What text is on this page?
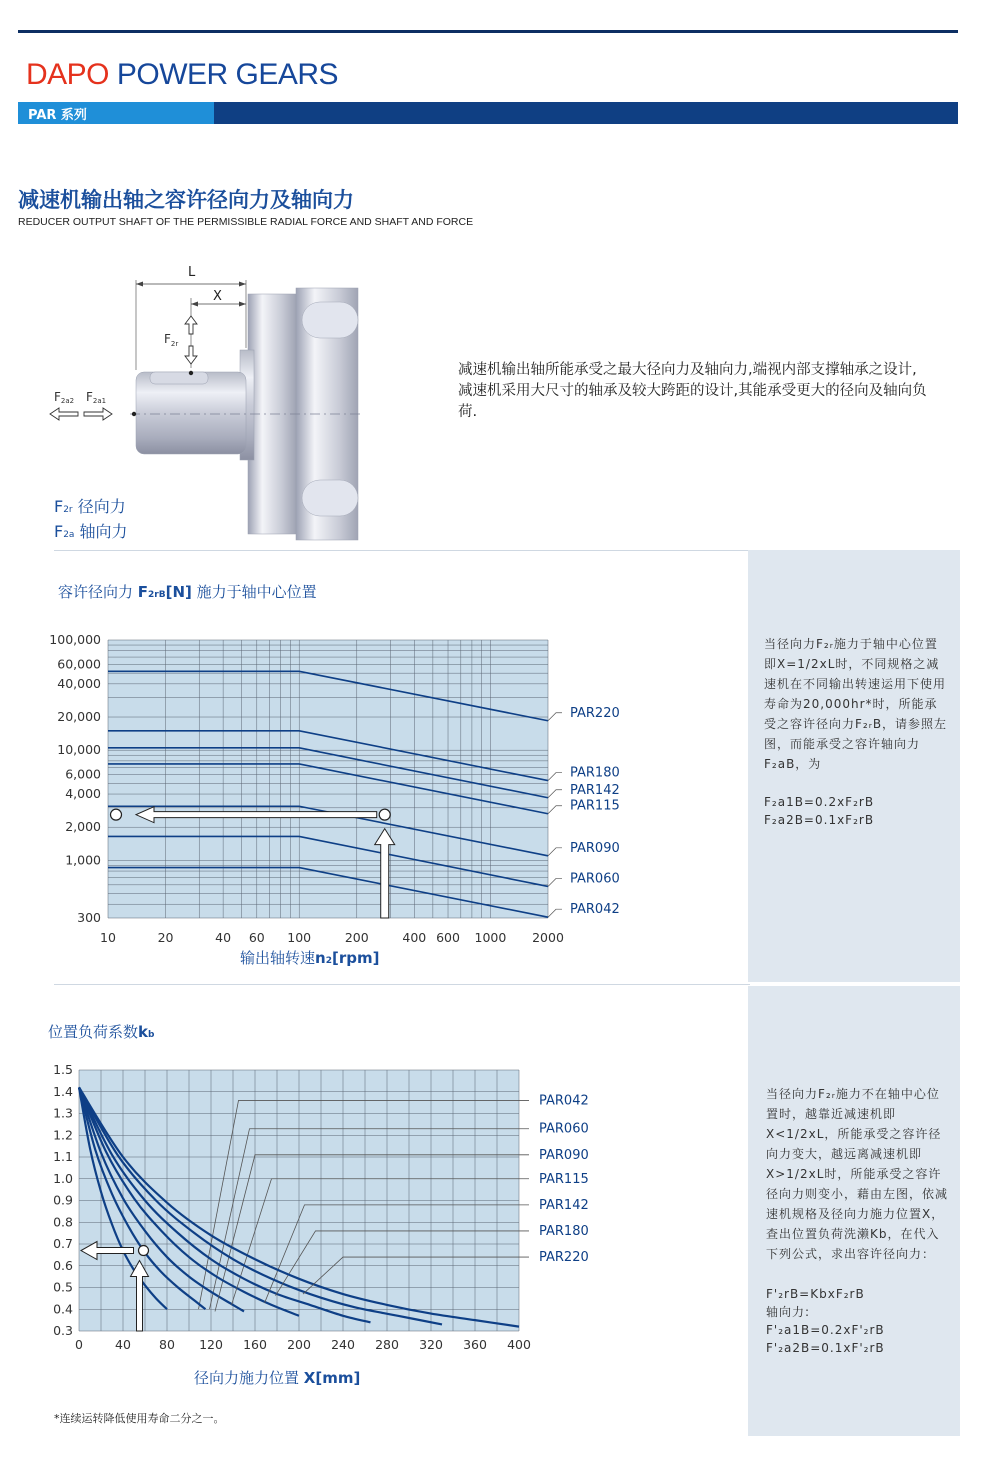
DAPO POWER GEARS
PAR 系列
减速机输出轴之容许径向力及轴向力
REDUCER OUTPUT SHAFT OF THE PERMISSIBLE RADIAL FORCE AND SHAFT AND FORCE
L
X
$F_{2r}$
F2a2 F2a1
F2r 径向力
F2a 轴向力
减速机输出轴所能承受之最大径向力及轴向力,端视内部支撑轴承之设计,减速机采用大尺寸的轴承及较大跨距的设计,其能承受更大的径向及轴向负荷.
当径向力F₂ᵣ施力于轴中心位置即X=1/2xL时，不同规格之减速机在不同输出转速运用下使用寿命为20,000hr*时，所能承受之容许径向力F₂ᵣB，请参照左图，而能承受之容许轴向力F₂aB，为
F₂a1B=0.2xF₂rB
F₂a2B=0.1xF₂rB
当径向力F₂ᵣ施力不在轴中心位置时，越靠近减速机即X<1/2xL，所能承受之容许径向力变大，越远离减速机即X>1/2xL时，所能承受之容许径向力则变小，藉由左图，依减速机规格及径向力施力位置X，查出位置负荷洗濑Kb，在代入下列公式，求出容许径向力：
F'₂rB=KbxF₂rB
轴向力:
F'₂a1B=0.2xF'₂rB
F'₂a2B=0.1xF'₂rB
容许径向力 F2rB[N] 施力于轴中心位置
100,000
60,000
40,000
20,000
10,000
6,000
4,000
2,000
1,000
300
10	20	40 60 100	200	400 600 1000 2000
PAR220
PAR180
PAR142
PAR115
PAR090
PAR060
PAR042
输出轴转速n2[rpm]
位置负荷系数kb
1.5
1.4
1.3
1.2
1.1
1.0
0.9
0.8
0.7
0.6
0.5
0.4
0.3
0	40 80 120 160 200 240 280 320 360 400
PAR042
PAR060
PAR090
PAR115
PAR142
PAR180
PAR220
径向力施力位置 X[mm]
*连续运转降低使用寿命二分之一。
